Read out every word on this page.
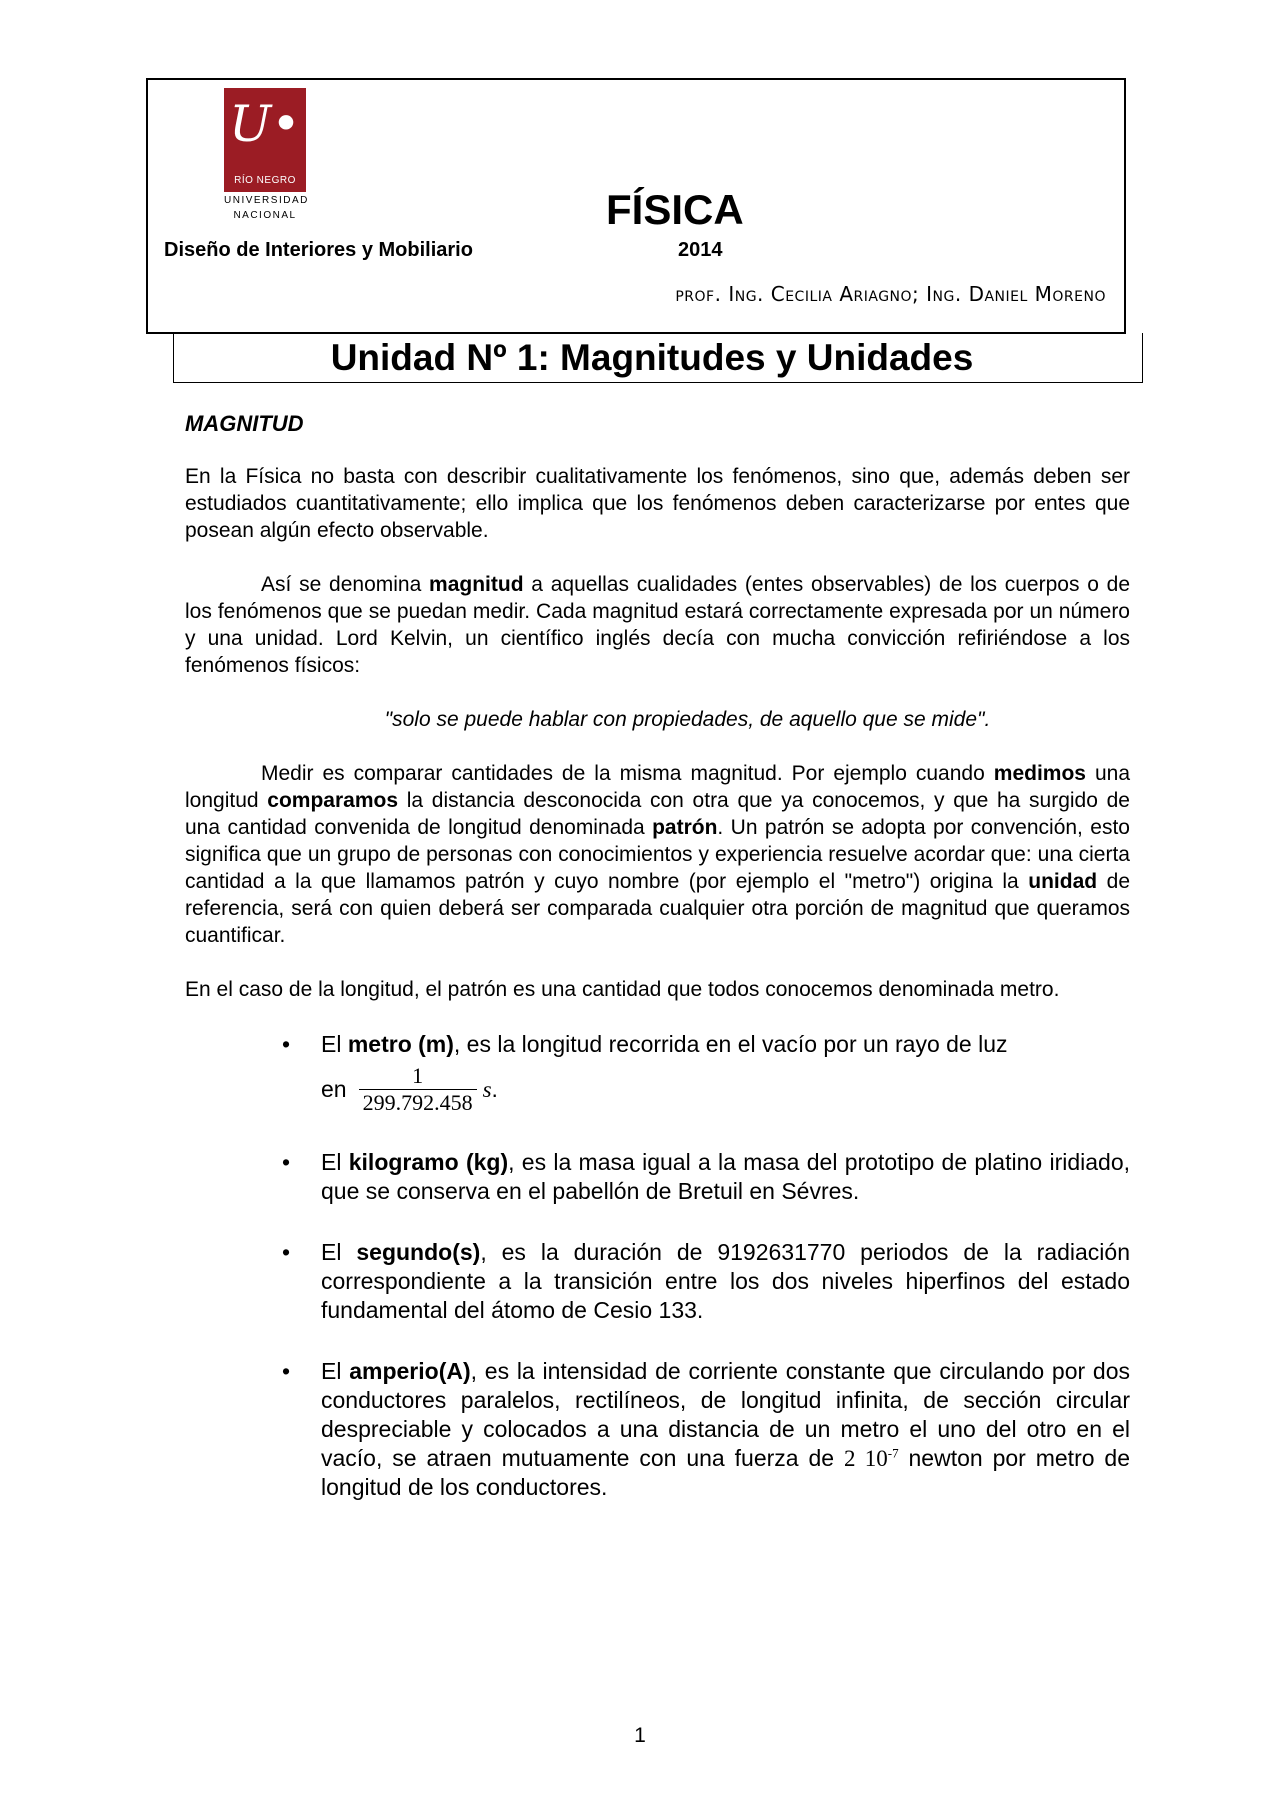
U•
RÍO NEGRO
UNIVERSIDAD
NACIONAL	FÍSICA
Diseño de Interiores y Mobiliario	2014
prof. Ing. Cecilia Ariagno; Ing. Daniel Moreno
Unidad Nº 1: Magnitudes y Unidades
MAGNITUD

En la Física no basta con describir cualitativamente los fenómenos, sino que, además deben ser estudiados cuantitativamente; ello implica que los fenómenos deben caracterizarse por entes que posean algún efecto observable.

Así se denomina magnitud a aquellas cualidades (entes observables) de los cuerpos o de los fenómenos que se puedan medir. Cada magnitud estará correctamente expresada por un número y una unidad. Lord Kelvin, un científico inglés decía con mucha convicción refiriéndose a los fenómenos físicos:

"solo se puede hablar con propiedades, de aquello que se mide".

Medir es comparar cantidades de la misma magnitud. Por ejemplo cuando medimos una longitud comparamos la distancia desconocida con otra que ya conocemos, y que ha surgido de una cantidad convenida de longitud denominada patrón. Un patrón se adopta por convención, esto significa que un grupo de personas con conocimientos y experiencia resuelve acordar que: una cierta cantidad a la que llamamos patrón y cuyo nombre (por ejemplo el "metro") origina la unidad de referencia, será con quien deberá ser comparada cualquier otra porción de magnitud que queramos cuantificar.

En el caso de la longitud, el patrón es una cantidad que todos conocemos denominada metro.

• El metro (m), es la longitud recorrida en el vacío por un rayo de luz
en $\frac{1}{299.792.458}$ s .
• El kilogramo (kg), es la masa igual a la masa del prototipo de platino iridiado, que se conserva en el pabellón de Bretuil en Sévres.
• El segundo(s), es la duración de 9192631770 periodos de la radiación correspondiente a la transición entre los dos niveles hiperfinos del estado fundamental del átomo de Cesio 133.
• El amperio(A), es la intensidad de corriente constante que circulando por dos conductores paralelos, rectilíneos, de longitud infinita, de sección circular despreciable y colocados a una distancia de un metro el uno del otro en el vacío, se atraen mutuamente con una fuerza de 2 $10^{-7}$ newton por metro de longitud de los conductores.
1
